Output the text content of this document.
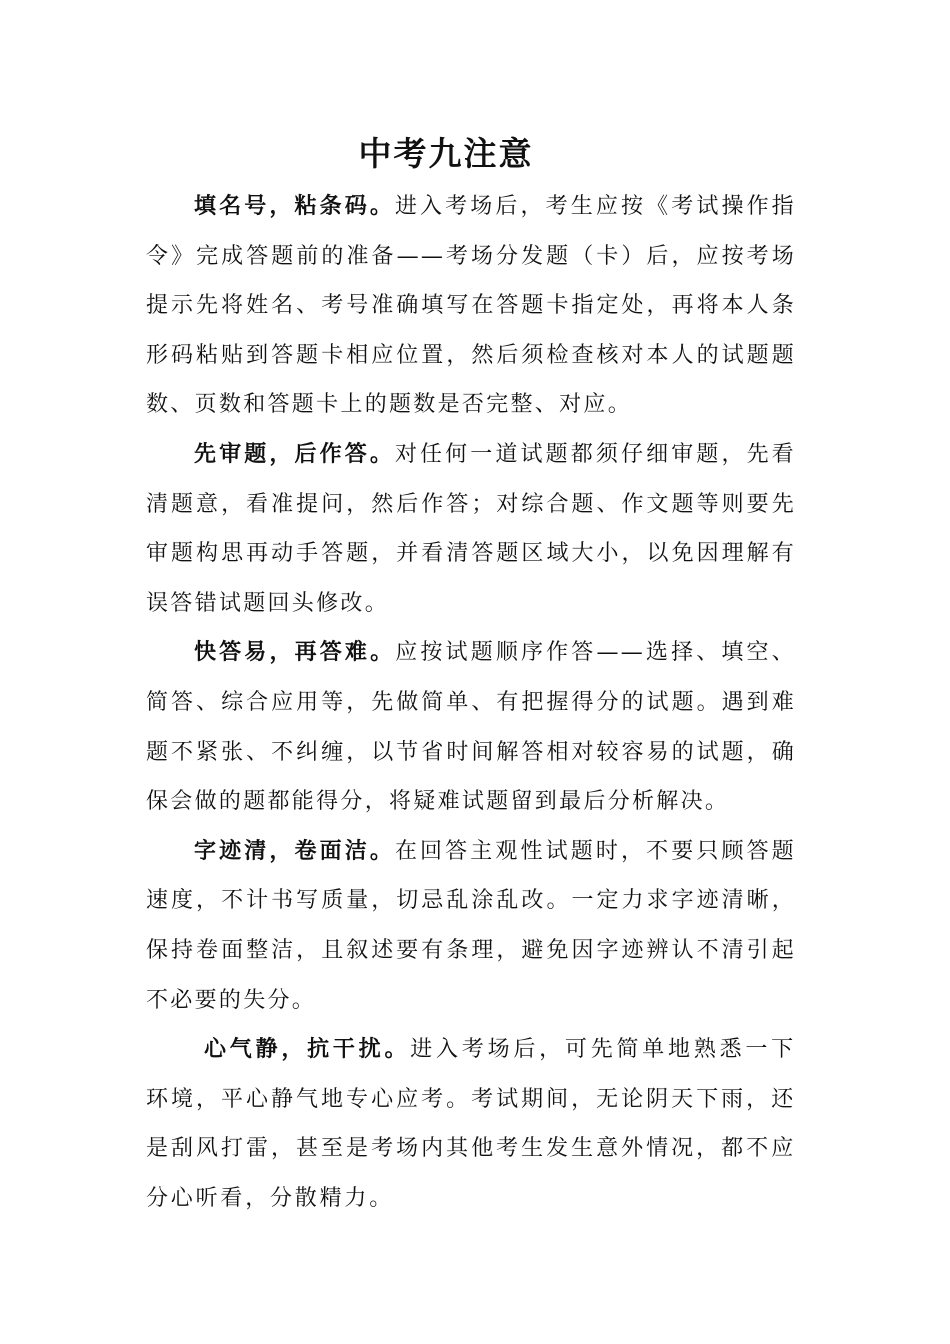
中考九注意

填名号，粘条码。进入考场后，考生应按《考试操作指令》完成答题前的准备——考场分发题（卡）后，应按考场提示先将姓名、考号准确填写在答题卡指定处，再将本人条形码粘贴到答题卡相应位置，然后须检查核对本人的试题题数、页数和答题卡上的题数是否完整、对应。

先审题，后作答。对任何一道试题都须仔细审题，先看清题意，看准提问，然后作答；对综合题、作文题等则要先审题构思再动手答题，并看清答题区域大小，以免因理解有误答错试题回头修改。

快答易，再答难。应按试题顺序作答——选择、填空、简答、综合应用等，先做简单、有把握得分的试题。遇到难题不紧张、不纠缠，以节省时间解答相对较容易的试题，确保会做的题都能得分，将疑难试题留到最后分析解决。

字迹清，卷面洁。在回答主观性试题时，不要只顾答题速度，不计书写质量，切忌乱涂乱改。一定力求字迹清晰，保持卷面整洁，且叙述要有条理，避免因字迹辨认不清引起不必要的失分。

心气静，抗干扰。进入考场后，可先简单地熟悉一下环境，平心静气地专心应考。考试期间，无论阴天下雨，还是刮风打雷，甚至是考场内其他考生发生意外情况，都不应分心听看，分散精力。
